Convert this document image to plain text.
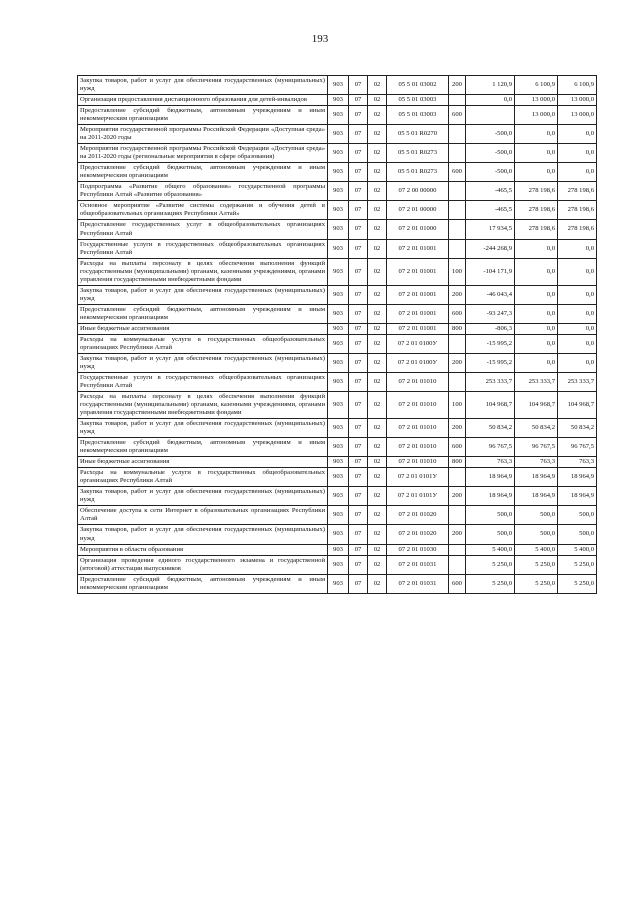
193
Закупка товаров, работ и услуг для обеспечения государственных (муниципальных) нужд	903	07	02	05 5 01 03002	200	1 120,9	6 100,9	6 100,9
Организация предоставления дистанционного образования для детей-инвалидов	903	07	02	05 5 01 03003		0,0	13 000,0	13 000,0
Предоставление субсидий бюджетным, автономным учреждениям и иным некоммерческим организациям	903	07	02	05 5 01 03003	600		13 000,0	13 000,0
Мероприятия государственной программы Российской Федерации «Доступная среда» на 2011-2020 годы	903	07	02	05 5 01 R0270		-500,0	0,0	0,0
Мероприятия государственной программы Российской Федерации «Доступная среда» на 2011-2020 годы (региональные мероприятия в сфере образования)	903	07	02	05 5 01 R0273		-500,0	0,0	0,0
Предоставление субсидий бюджетным, автономным учреждениям и иным некоммерческим организациям	903	07	02	05 5 01 R0273	600	-500,0	0,0	0,0
Подпрограмма «Развитие общего образования» государственной программы Республики Алтай «Развитие образования»	903	07	02	07 2 00 00000		-465,5	278 198,6	278 198,6
Основное мероприятие «Развитие системы содержания и обучения детей в общеобразовательных организациях Республики Алтай»	903	07	02	07 2 01 00000		-465,5	278 198,6	278 198,6
Предоставление государственных услуг в общеобразовательных организациях Республики Алтай	903	07	02	07 2 01 01000		17 934,5	278 198,6	278 198,6
Государственные услуги в государственных общеобразовательных организациях Республики Алтай	903	07	02	07 2 01 01001		-244 268,9	0,0	0,0
Расходы на выплаты персоналу в целях обеспечения выполнения функций государственными (муниципальными) органами, казенными учреждениями, органами управления государственными внебюджетными фондами	903	07	02	07 2 01 01001	100	-104 171,9	0,0	0,0
Закупка товаров, работ и услуг для обеспечения государственных (муниципальных) нужд	903	07	02	07 2 01 01001	200	-46 043,4	0,0	0,0
Предоставление субсидий бюджетным, автономным учреждениям и иным некоммерческим организациям	903	07	02	07 2 01 01001	600	-93 247,3	0,0	0,0
Иные бюджетные ассигнования	903	07	02	07 2 01 01001	800	-806,3	0,0	0,0
Расходы на коммунальные услуги в государственных общеобразовательных организациях Республики Алтай	903	07	02	07 2 01 0100У		-15 995,2	0,0	0,0
Закупка товаров, работ и услуг для обеспечения государственных (муниципальных) нужд	903	07	02	07 2 01 0100У	200	-15 995,2	0,0	0,0
Государственные услуги в государственных общеобразовательных организациях Республики Алтай	903	07	02	07 2 01 01010		253 333,7	253 333,7	253 333,7
Расходы на выплаты персоналу в целях обеспечения выполнения функций государственными (муниципальными) органами, казенными учреждениями, органами управления государственными внебюджетными фондами	903	07	02	07 2 01 01010	100	104 968,7	104 968,7	104 968,7
Закупка товаров, работ и услуг для обеспечения государственных (муниципальных) нужд	903	07	02	07 2 01 01010	200	50 834,2	50 834,2	50 834,2
Предоставление субсидий бюджетным, автономным учреждениям и иным некоммерческим организациям	903	07	02	07 2 01 01010	600	96 767,5	96 767,5	96 767,5
Иные бюджетные ассигнования	903	07	02	07 2 01 01010	800	763,3	763,3	763,3
Расходы на коммунальные услуги в государственных общеобразовательных организациях Республики Алтай	903	07	02	07 2 01 0101У		18 964,9	18 964,9	18 964,9
Закупка товаров, работ и услуг для обеспечения государственных (муниципальных) нужд	903	07	02	07 2 01 0101У	200	18 964,9	18 964,9	18 964,9
Обеспечение доступа к сети Интернет в образовательных организациях Республики Алтай	903	07	02	07 2 01 01020		500,0	500,0	500,0
Закупка товаров, работ и услуг для обеспечения государственных (муниципальных) нужд	903	07	02	07 2 01 01020	200	500,0	500,0	500,0
Мероприятия в области образования	903	07	02	07 2 01 01030		5 400,0	5 400,0	5 400,0
Организация проведения единого государственного экзамена и государственной (итоговой) аттестации выпускников	903	07	02	07 2 01 01031		5 250,0	5 250,0	5 250,0
Предоставление субсидий бюджетным, автономным учреждениям и иным некоммерческим организациям	903	07	02	07 2 01 01031	600	5 250,0	5 250,0	5 250,0
